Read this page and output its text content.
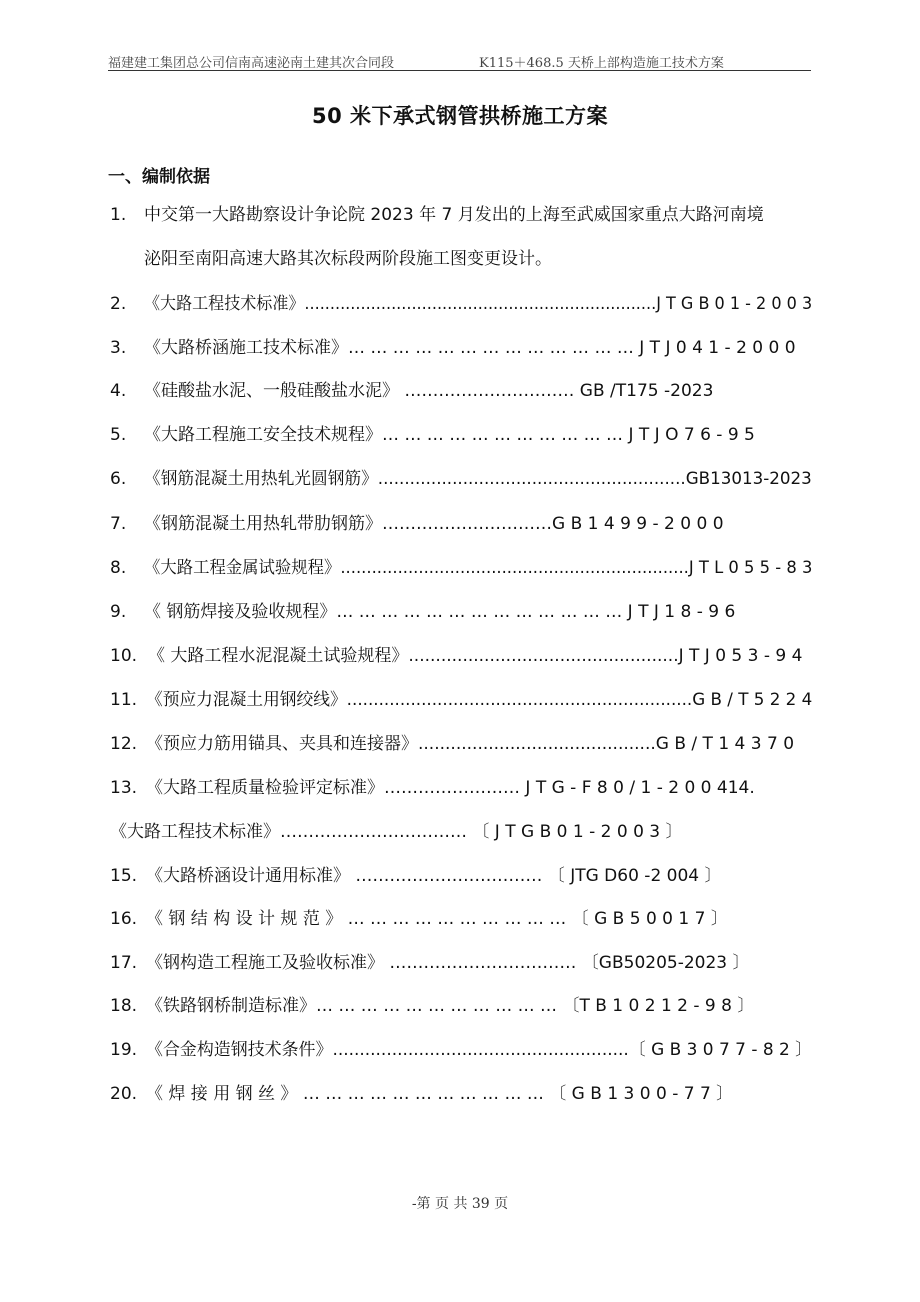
福建建工集团总公司信南高速泌南土建其次合同段	K115＋468.5 天桥上部构造施工技术方案
50 米下承式钢管拱桥施工方案
一、编制依据
1. 中交第一大路勘察设计争论院 2023 年 7 月发出的上海至武威国家重点大路河南境
泌阳至南阳高速大路其次标段两阶段施工图变更设计。
2. 《大路工程技术标准》.....................................................................J T G B 0 1 - 2 0 0 3
3. 《大路桥涵施工技术标准》… … … … … … … … … … … … … J T J 0 4 1 - 2 0 0 0
4. 《硅酸盐水泥、一般硅酸盐水泥》 ………………………… GB /T175 -2023
5. 《大路工程施工安全技术规程》… … … … … … … … … … … J T J O 7 6 - 9 5
6. 《钢筋混凝土用热轧光圆钢筋》..........................................................GB13013-2023
7. 《钢筋混凝土用热轧带肋钢筋》…………………………G B 1 4 9 9 - 2 0 0 0
8. 《大路工程金属试验规程》...................................................................J T L 0 5 5 - 8 3
9. 《 钢筋焊接及验收规程》… … … … … … … … … … … … … J T J 1 8 - 9 6
10. 《 大路工程水泥混凝土试验规程》..................................................J T J 0 5 3 - 9 4
11. 《预应力混凝土用钢绞线》.................................................................G B / T 5 2 2 4
12. 《预应力筋用锚具、夹具和连接器》............................................G B / T 1 4 3 7 0
13. 《大路工程质量检验评定标准》…………………… J T G - F 8 0 / 1 - 2 0 0 414.
《大路工程技术标准》…………………………… 〔 J T G B 0 1 - 2 0 0 3 〕
15. 《大路桥涵设计通用标准》 …………………………… 〔 JTG D60 -2 004 〕
16. 《 钢 结 构 设 计 规 范 》 … … … … … … … … … … 〔 G B 5 0 0 1 7 〕
17. 《钢构造工程施工及验收标准》 …………………………… 〔GB50205-2023 〕
18. 《铁路钢桥制造标准》… … … … … … … … … … … 〔T B 1 0 2 1 2 - 9 8 〕
19. 《合金构造钢技术条件》.......................................................〔 G B 3 0 7 7 - 8 2 〕
20. 《 焊 接 用 钢 丝 》 … … … … … … … … … … … 〔 G B 1 3 0 0 - 7 7 〕
-第 页 共 39 页
